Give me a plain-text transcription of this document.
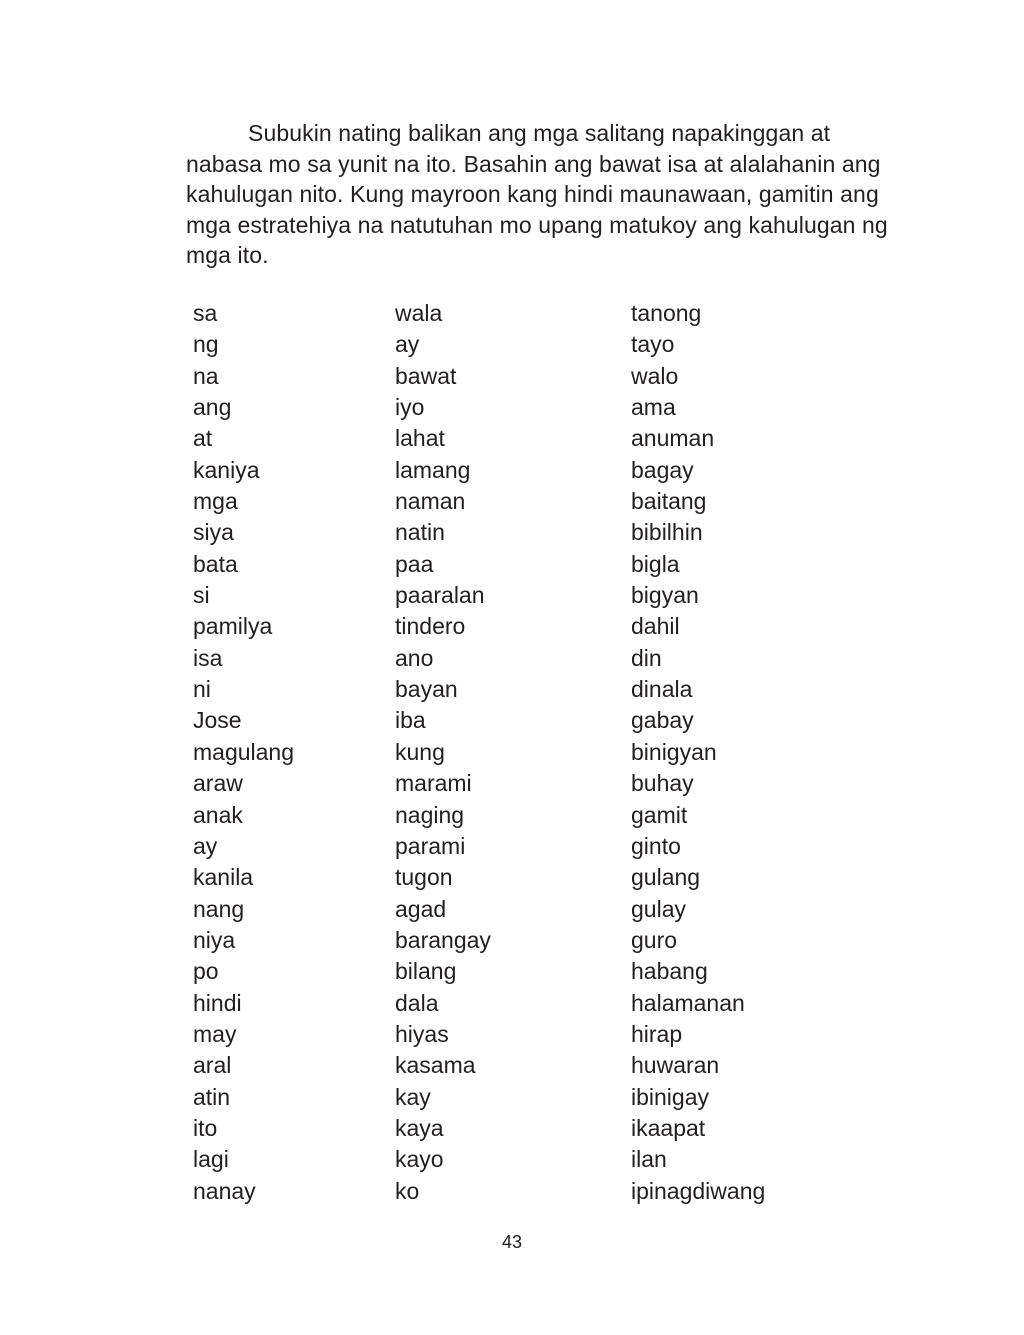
Subukin nating balikan ang mga salitang napakinggan at nabasa mo sa yunit na ito. Basahin ang bawat isa at alalahanin ang kahulugan nito. Kung mayroon kang hindi maunawaan, gamitin ang mga estratehiya na natutuhan mo upang matukoy ang kahulugan ng mga ito.

sa
ng
na
ang
at
kaniya
mga
siya
bata
si
pamilya
isa
ni
Jose
magulang
araw
anak
ay
kanila
nang
niya
po
hindi
may
aral
atin
ito
lagi
nanay
wala
ay
bawat
iyo
lahat
lamang
naman
natin
paa
paaralan
tindero
ano
bayan
iba
kung
marami
naging
parami
tugon
agad
barangay
bilang
dala
hiyas
kasama
kay
kaya
kayo
ko
tanong
tayo
walo
ama
anuman
bagay
baitang
bibilhin
bigla
bigyan
dahil
din
dinala
gabay
binigyan
buhay
gamit
ginto
gulang
gulay
guro
habang
halamanan
hirap
huwaran
ibinigay
ikaapat
ilan
ipinagdiwang
43
